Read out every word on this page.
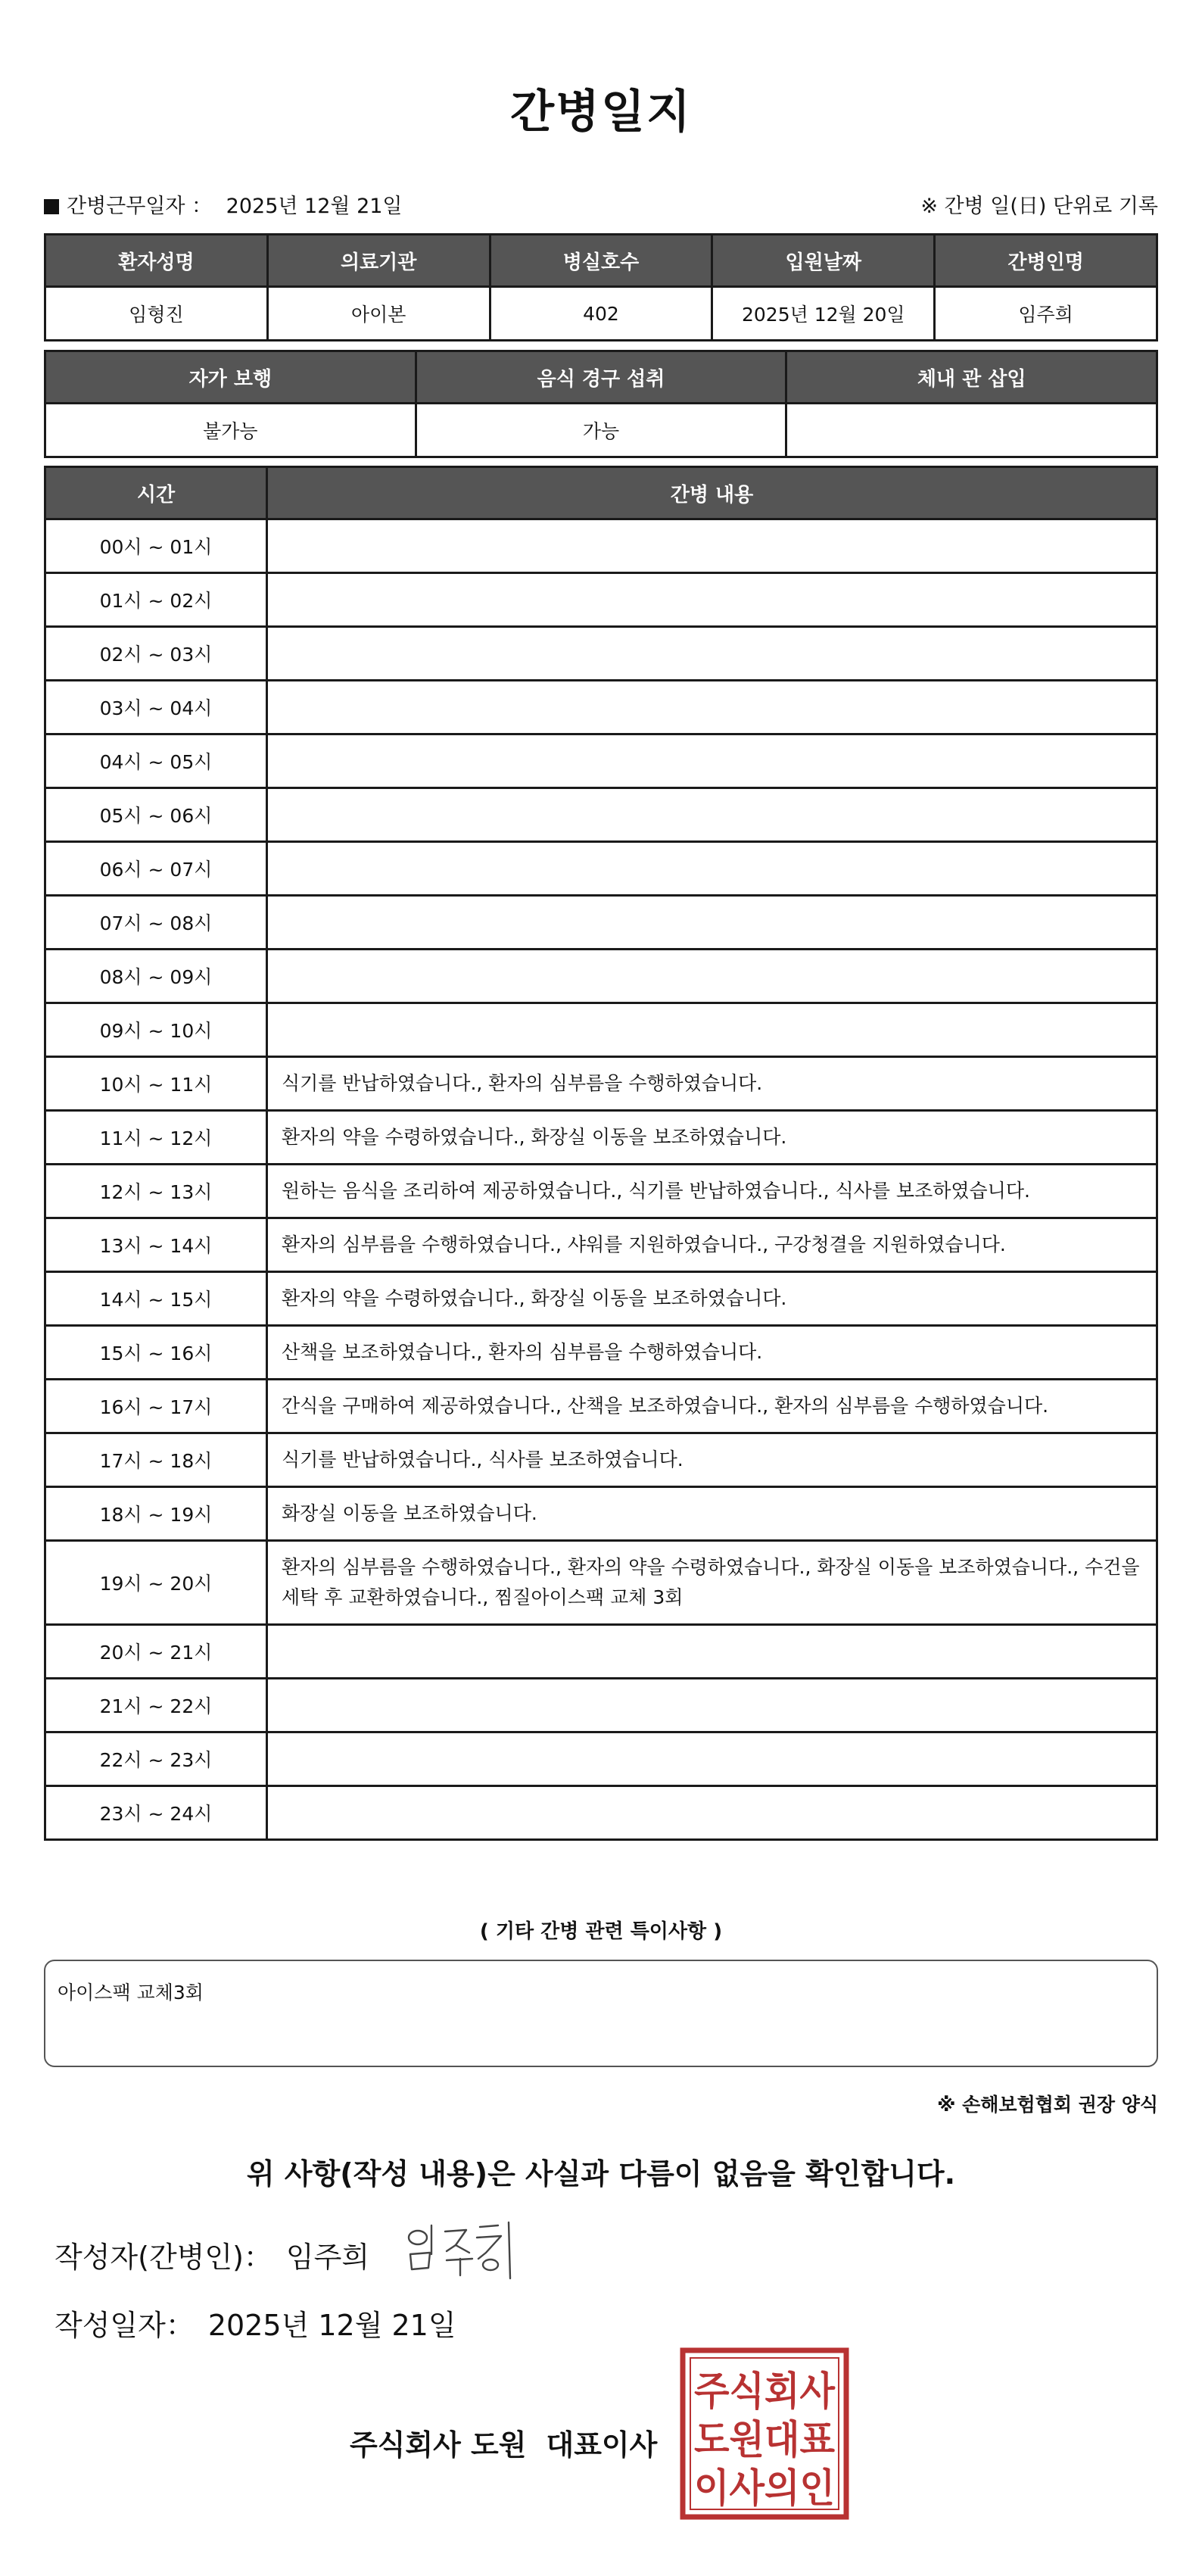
간병일지
간병근무일자 ： 2025년 12월 21일	※ 간병 일(日) 단위로 기록
환자성명	의료기관	병실호수	입원날짜	간병인명
임형진	아이본	402	2025년 12월 20일	임주희
자가 보행	음식 경구 섭취	체내 관 삽입
불가능	가능	
시간	간병 내용
00시 ~ 01시	
01시 ~ 02시	
02시 ~ 03시	
03시 ~ 04시	
04시 ~ 05시	
05시 ~ 06시	
06시 ~ 07시	
07시 ~ 08시	
08시 ~ 09시	
09시 ~ 10시	
10시 ~ 11시	식기를 반납하였습니다., 환자의 심부름을 수행하였습니다.
11시 ~ 12시	환자의 약을 수령하였습니다., 화장실 이동을 보조하였습니다.
12시 ~ 13시	원하는 음식을 조리하여 제공하였습니다., 식기를 반납하였습니다., 식사를 보조하였습니다.
13시 ~ 14시	환자의 심부름을 수행하였습니다., 샤워를 지원하였습니다., 구강청결을 지원하였습니다.
14시 ~ 15시	환자의 약을 수령하였습니다., 화장실 이동을 보조하였습니다.
15시 ~ 16시	산책을 보조하였습니다., 환자의 심부름을 수행하였습니다.
16시 ~ 17시	간식을 구매하여 제공하였습니다., 산책을 보조하였습니다., 환자의 심부름을 수행하였습니다.
17시 ~ 18시	식기를 반납하였습니다., 식사를 보조하였습니다.
18시 ~ 19시	화장실 이동을 보조하였습니다.
19시 ~ 20시	환자의 심부름을 수행하였습니다., 환자의 약을 수령하였습니다., 화장실 이동을 보조하였습니다., 수건을 세탁 후 교환하였습니다., 찜질아이스팩 교체 3회
20시 ~ 21시	
21시 ~ 22시	
22시 ~ 23시	
23시 ~ 24시	
( 기타 간병 관련 특이사항 )
아이스팩 교체3회
※ 손해보험협회 권장 양식
위 사항(작성 내용)은 사실과 다름이 없음을 확인합니다.
작성자(간병인)： 임주희
작성일자： 2025년 12월 21일
주식회사 도원 대표이사
주식회사
도원대표
이사의인
